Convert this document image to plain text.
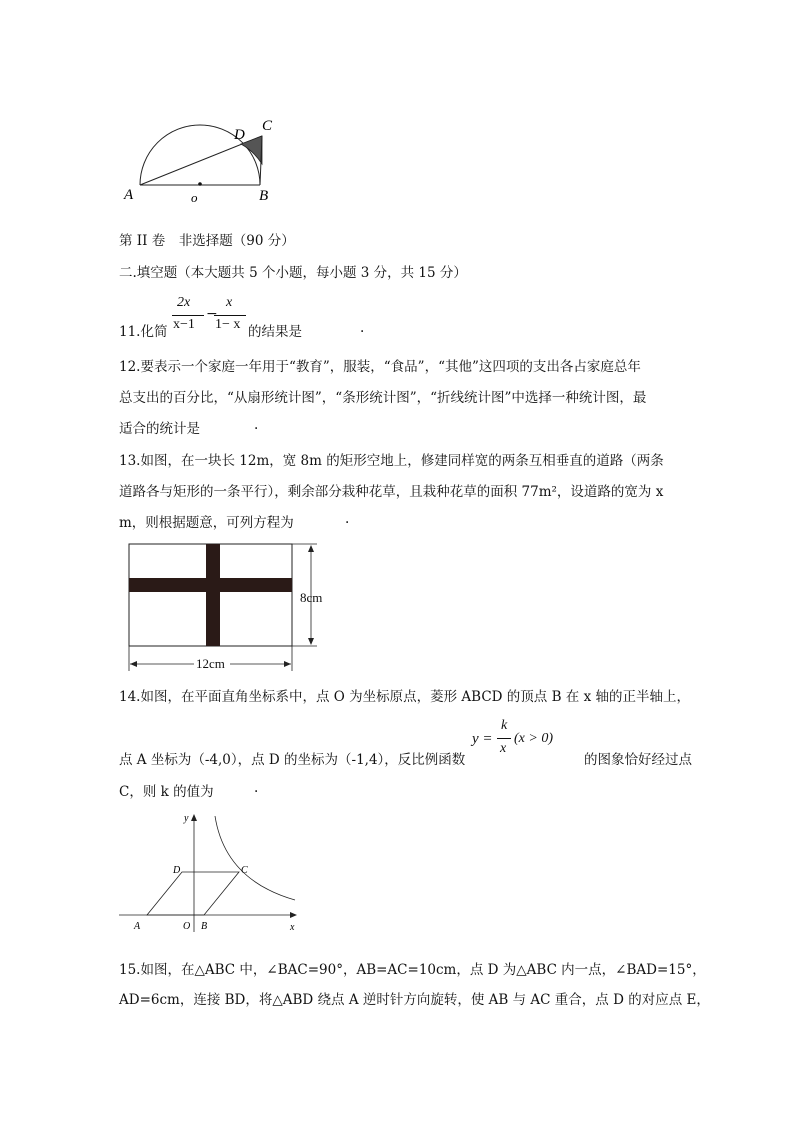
A	o	B
D
C
第 II 卷　非选择题（90 分）
二.填空题（本大题共 5 个小题，每小题 3 分，共 15 分）
2x
x−1
−
x
1− x
11.化简	的结果是	.
12.要表示一个家庭一年用于“教育”，服装，“食品”，“其他”这四项的支出各占家庭总年
总支出的百分比，“从扇形统计图”，“条形统计图”，“折线统计图”中选择一种统计图，最
适合的统计是	.
13.如图，在一块长 12m，宽 8m 的矩形空地上，修建同样宽的两条互相垂直的道路（两条
道路各与矩形的一条平行），剩余部分栽种花草，且栽种花草的面积 77m²，设道路的宽为 x
m，则根据题意，可列方程为	.
8cm
12cm
14.如图，在平面直角坐标系中，点 O 为坐标原点，菱形 ABCD 的顶点 B 在 x 轴的正半轴上，
y =
k
x
(x > 0)
点 A 坐标为（-4,0），点 D 的坐标为（-1,4），反比例函数	的图象恰好经过点
C，则 k 的值为	.
y
x
D	C
A	O B
15.如图，在△ABC 中，∠BAC=90°，AB=AC=10cm，点 D 为△ABC 内一点，∠BAD=15°，
AD=6cm，连接 BD，将△ABD 绕点 A 逆时针方向旋转，使 AB 与 AC 重合，点 D 的对应点 E，
